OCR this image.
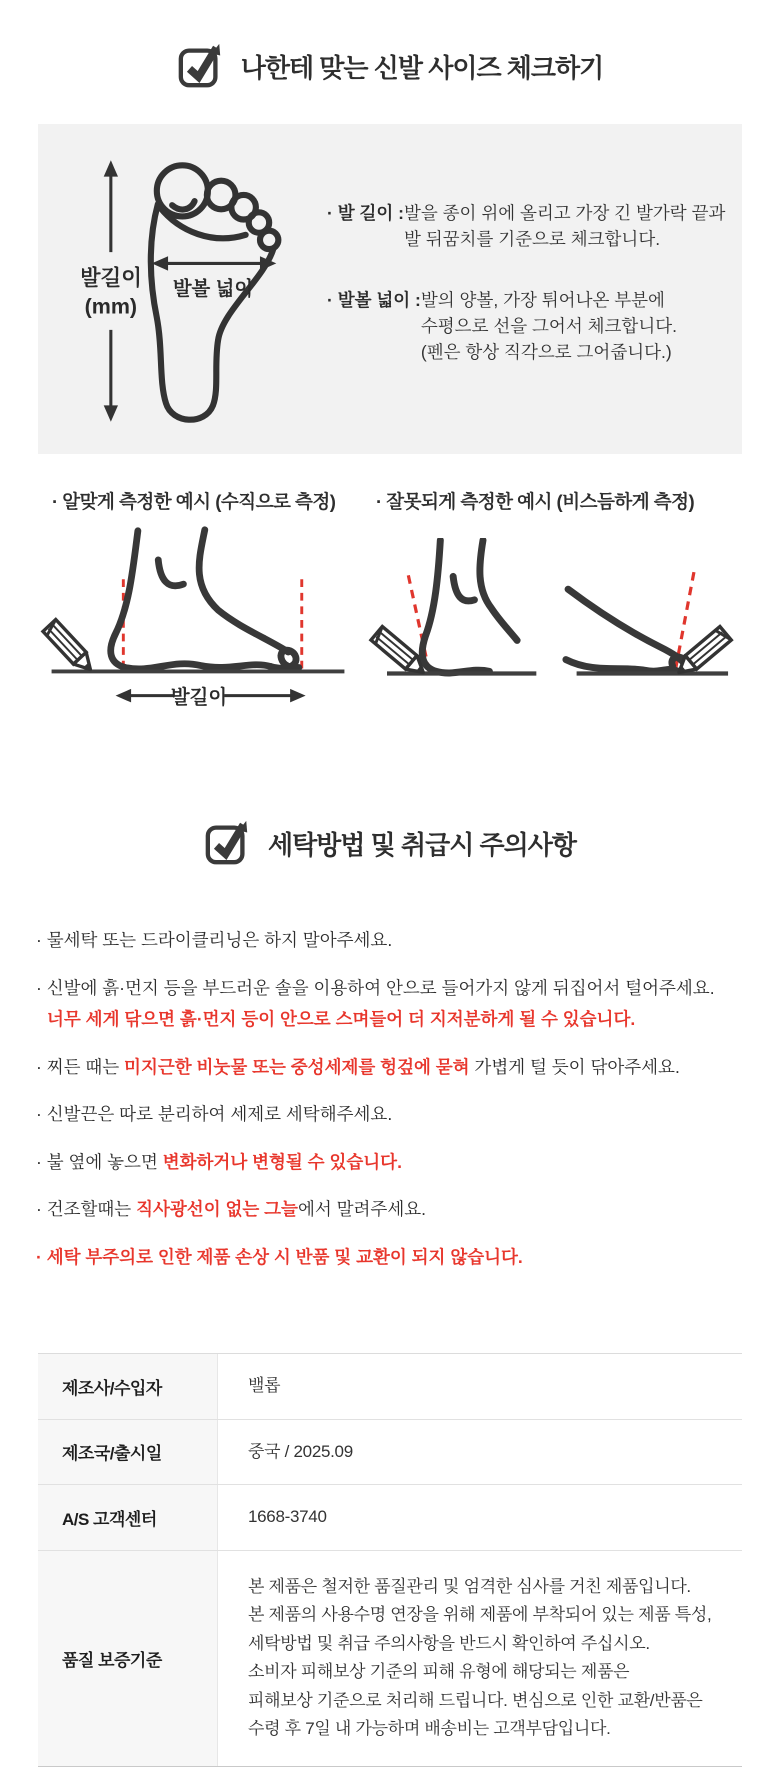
나한테 맞는 신발 사이즈 체크하기
발길이
(mm)
발볼 넓이
· 발 길이 : 발을 종이 위에 올리고 가장 긴 발가락 끝과
발 뒤꿈치를 기준으로 체크합니다.
· 발볼 넓이 : 발의 양볼, 가장 튀어나온 부분에
수평으로 선을 그어서 체크합니다.
(펜은 항상 직각으로 그어줍니다.)
· 알맞게 측정한 예시 (수직으로 측정)	· 잘못되게 측정한 예시 (비스듬하게 측정)
발길이
세탁방법 및 취급시 주의사항

· 물세탁 또는 드라이클리닝은 하지 말아주세요.

· 신발에 흙·먼지 등을 부드러운 솔을 이용하여 안으로 들어가지 않게 뒤집어서 털어주세요.

너무 세게 닦으면 흙·먼지 등이 안으로 스며들어 더 지저분하게 될 수 있습니다.

· 찌든 때는 미지근한 비눗물 또는 중성세제를 헝겊에 묻혀 가볍게 털 듯이 닦아주세요.

· 신발끈은 따로 분리하여 세제로 세탁해주세요.

· 불 옆에 놓으면 변화하거나 변형될 수 있습니다.

· 건조할때는 직사광선이 없는 그늘에서 말려주세요.

· 세탁 부주의로 인한 제품 손상 시 반품 및 교환이 되지 않습니다.

제조사/수입자	밸롭
제조국/출시일	중국 / 2025.09
A/S 고객센터	1668-3740
품질 보증기준
본 제품은 철저한 품질관리 및 엄격한 심사를 거친 제품입니다.
본 제품의 사용수명 연장을 위해 제품에 부착되어 있는 제품 특성,
세탁방법 및 취급 주의사항을 반드시 확인하여 주십시오.
소비자 피해보상 기준의 피해 유형에 해당되는 제품은
피해보상 기준으로 처리해 드립니다. 변심으로 인한 교환/반품은
수령 후 7일 내 가능하며 배송비는 고객부담입니다.
